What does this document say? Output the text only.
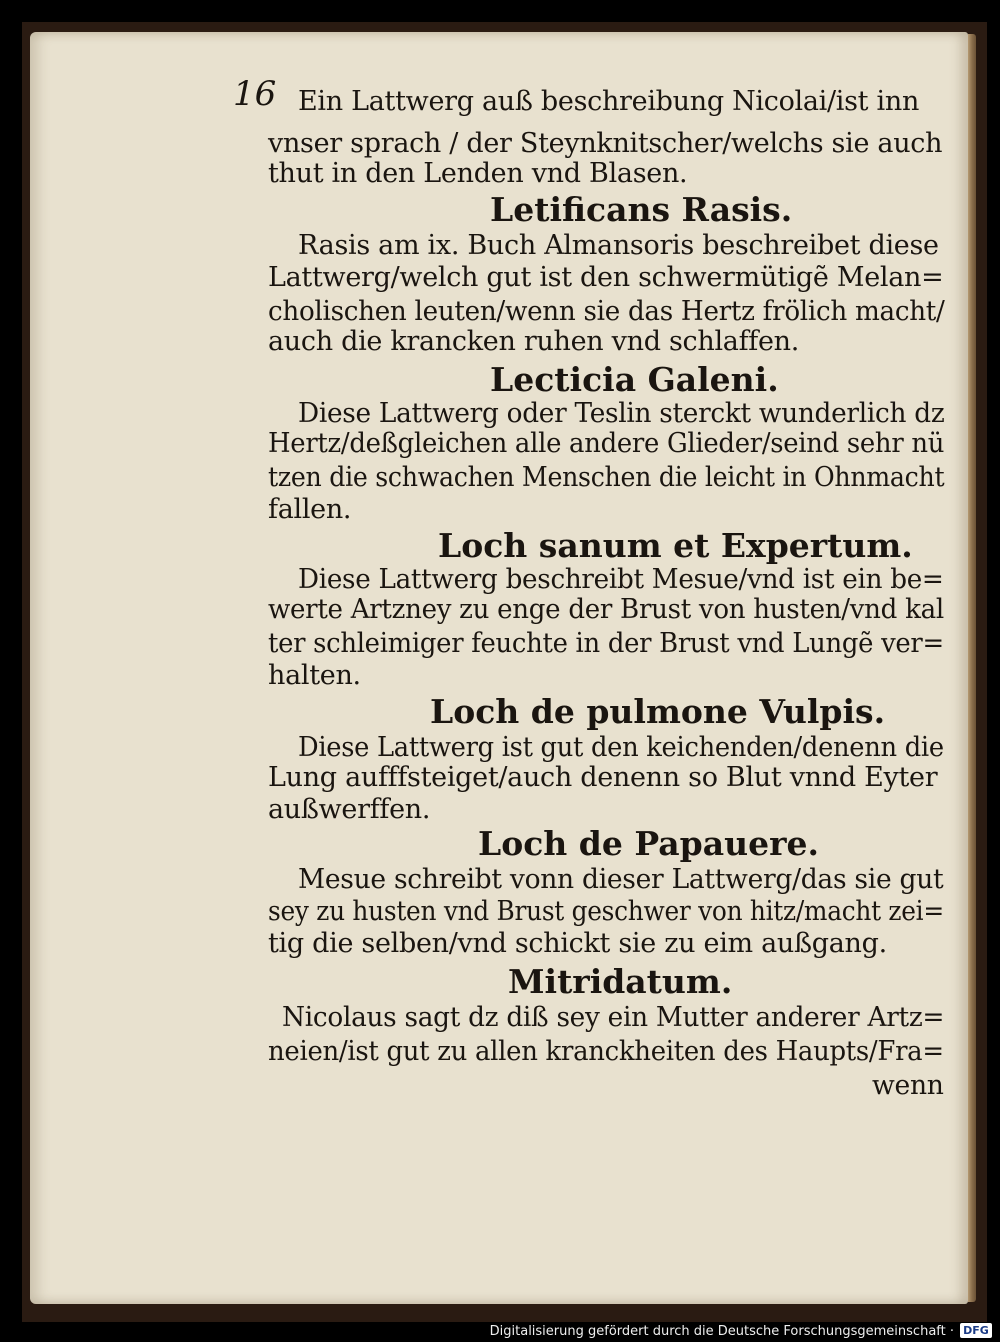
16 Ein Lattwerg auß beschreibung Nicolai/ist inn
vnser sprach / der Steynknitscher/welchs sie auch
thut in den Lenden vnd Blasen.
Letificans Rasis.
Rasis am ix. Buch Almansoris beschreibet diese
Lattwerg/welch gut ist den schwermütigẽ Melan=
cholischen leuten/wenn sie das Hertz frölich macht/
auch die krancken ruhen vnd schlaffen.
Lecticia Galeni.
Diese Lattwerg oder Teslin sterckt wunderlich dz
Hertz/deßgleichen alle andere Glieder/seind sehr nü
tzen die schwachen Menschen die leicht in Ohnmacht
fallen.
Loch sanum et Expertum.
Diese Lattwerg beschreibt Mesue/vnd ist ein be=
werte Artzney zu enge der Brust von husten/vnd kal
ter schleimiger feuchte in der Brust vnd Lungẽ ver=
halten.
Loch de pulmone Vulpis.
Diese Lattwerg ist gut den keichenden/denenn die
Lung aufffsteiget/auch denenn so Blut vnnd Eyter
außwerffen.
Loch de Papauere.
Mesue schreibt vonn dieser Lattwerg/das sie gut
sey zu husten vnd Brust geschwer von hitz/macht zei=
tig die selben/vnd schickt sie zu eim außgang.
Mitridatum.
Nicolaus sagt dz diß sey ein Mutter anderer Artz=
neien/ist gut zu allen kranckheiten des Haupts/Fra=
wenn
Digitalisierung gefördert durch die Deutsche Forschungsgemeinschaft · DFG
